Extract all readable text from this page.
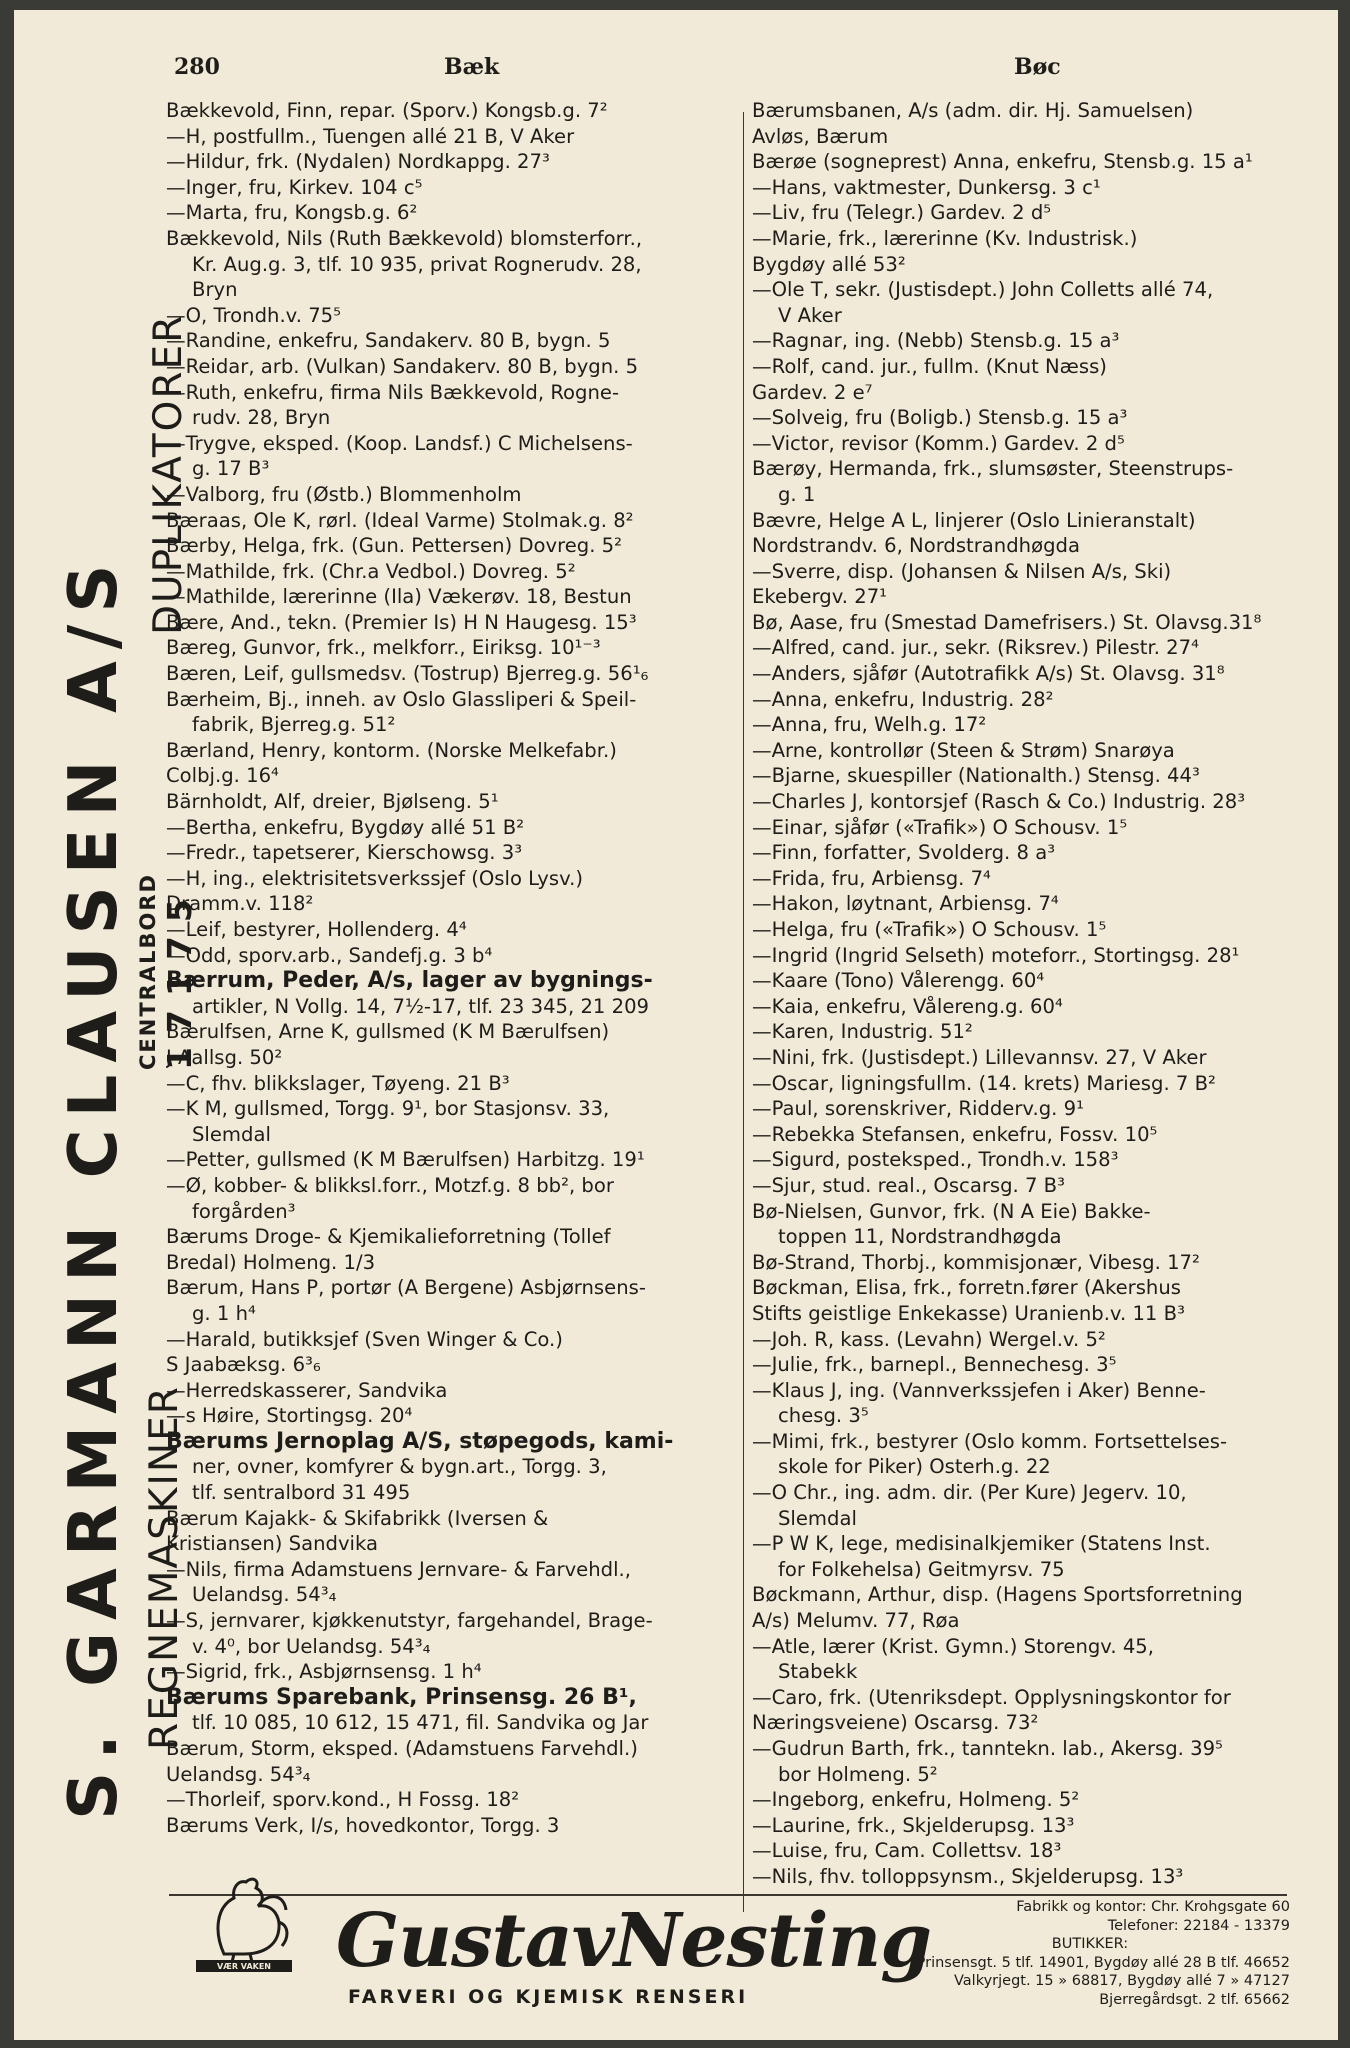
280	Bæk	Bøc
S. GARMANN CLAUSEN A/S REGNEMASKINER
DUPLIKATORER
CENTRALBORD 17175
Bækkevold, Finn, repar. (Sporv.) Kongsb.g. 7²
—H, postfullm., Tuengen allé 21 B, V Aker
—Hildur, frk. (Nydalen) Nordkappg. 27³
—Inger, fru, Kirkev. 104 c⁵
—Marta, fru, Kongsb.g. 6²
Bækkevold, Nils (Ruth Bækkevold) blomsterforr.,
Kr. Aug.g. 3, tlf. 10 935, privat Rognerudv. 28,
Bryn
—O, Trondh.v. 75⁵
—Randine, enkefru, Sandakerv. 80 B, bygn. 5
—Reidar, arb. (Vulkan) Sandakerv. 80 B, bygn. 5
—Ruth, enkefru, firma Nils Bækkevold, Rogne-
rudv. 28, Bryn
—Trygve, eksped. (Koop. Landsf.) C Michelsens-
g. 17 B³
—Valborg, fru (Østb.) Blommenholm
Bæraas, Ole K, rørl. (Ideal Varme) Stolmak.g. 8²
Bærby, Helga, frk. (Gun. Pettersen) Dovreg. 5²
—Mathilde, frk. (Chr.a Vedbol.) Dovreg. 5²
—Mathilde, lærerinne (Ila) Vækerøv. 18, Bestun
Bære, And., tekn. (Premier Is) H N Haugesg. 15³
Bæreg, Gunvor, frk., melkforr., Eiriksg. 10¹⁻³
Bæren, Leif, gullsmedsv. (Tostrup) Bjerreg.g. 56¹₆
Bærheim, Bj., inneh. av Oslo Glassliperi & Speil-
fabrik, Bjerreg.g. 51²
Bærland, Henry, kontorm. (Norske Melkefabr.)
Colbj.g. 16⁴
Bärnholdt, Alf, dreier, Bjølseng. 5¹
—Bertha, enkefru, Bygdøy allé 51 B²
—Fredr., tapetserer, Kierschowsg. 3³
—H, ing., elektrisitetsverkssjef (Oslo Lysv.)
Dramm.v. 118²
—Leif, bestyrer, Hollenderg. 4⁴
—Odd, sporv.arb., Sandefj.g. 3 b⁴
Bærrum, Peder, A/s, lager av bygnings-
artikler, N Vollg. 14, 7½-17, tlf. 23 345, 21 209
Bærulfsen, Arne K, gullsmed (K M Bærulfsen)
J Aallsg. 50²
—C, fhv. blikkslager, Tøyeng. 21 B³
—K M, gullsmed, Torgg. 9¹, bor Stasjonsv. 33,
Slemdal
—Petter, gullsmed (K M Bærulfsen) Harbitzg. 19¹
—Ø, kobber- & blikksl.forr., Motzf.g. 8 bb², bor
forgården³
Bærums Droge- & Kjemikalieforretning (Tollef
Bredal) Holmeng. 1/3
Bærum, Hans P, portør (A Bergene) Asbjørnsens-
g. 1 h⁴
—Harald, butikksjef (Sven Winger & Co.)
S Jaabæksg. 6³₆
—Herredskasserer, Sandvika
—s Høire, Stortingsg. 20⁴
Bærums Jernoplag A/S, støpegods, kami-
ner, ovner, komfyrer & bygn.art., Torgg. 3,
tlf. sentralbord 31 495
Bærum Kajakk- & Skifabrikk (Iversen &
Kristiansen) Sandvika
—Nils, firma Adamstuens Jernvare- & Farvehdl.,
Uelandsg. 54³₄
—S, jernvarer, kjøkkenutstyr, fargehandel, Brage-
v. 4⁰, bor Uelandsg. 54³₄
—Sigrid, frk., Asbjørnsensg. 1 h⁴
Bærums Sparebank, Prinsensg. 26 B¹,
tlf. 10 085, 10 612, 15 471, fil. Sandvika og Jar
Bærum, Storm, eksped. (Adamstuens Farvehdl.)
Uelandsg. 54³₄
—Thorleif, sporv.kond., H Fossg. 18²
Bærums Verk, I/s, hovedkontor, Torgg. 3
Bærumsbanen, A/s (adm. dir. Hj. Samuelsen)
Avløs, Bærum
Bærøe (sogneprest) Anna, enkefru, Stensb.g. 15 a¹
—Hans, vaktmester, Dunkersg. 3 c¹
—Liv, fru (Telegr.) Gardev. 2 d⁵
—Marie, frk., lærerinne (Kv. Industrisk.)
Bygdøy allé 53²
—Ole T, sekr. (Justisdept.) John Colletts allé 74,
V Aker
—Ragnar, ing. (Nebb) Stensb.g. 15 a³
—Rolf, cand. jur., fullm. (Knut Næss)
Gardev. 2 e⁷
—Solveig, fru (Boligb.) Stensb.g. 15 a³
—Victor, revisor (Komm.) Gardev. 2 d⁵
Bærøy, Hermanda, frk., slumsøster, Steenstrups-
g. 1
Bævre, Helge A L, linjerer (Oslo Linieranstalt)
Nordstrandv. 6, Nordstrandhøgda
—Sverre, disp. (Johansen & Nilsen A/s, Ski)
Ekebergv. 27¹
Bø, Aase, fru (Smestad Damefrisers.) St. Olavsg.31⁸
—Alfred, cand. jur., sekr. (Riksrev.) Pilestr. 27⁴
—Anders, sjåfør (Autotrafikk A/s) St. Olavsg. 31⁸
—Anna, enkefru, Industrig. 28²
—Anna, fru, Welh.g. 17²
—Arne, kontrollør (Steen & Strøm) Snarøya
—Bjarne, skuespiller (Nationalth.) Stensg. 44³
—Charles J, kontorsjef (Rasch & Co.) Industrig. 28³
—Einar, sjåfør («Trafik») O Schousv. 1⁵
—Finn, forfatter, Svolderg. 8 a³
—Frida, fru, Arbiensg. 7⁴
—Hakon, løytnant, Arbiensg. 7⁴
—Helga, fru («Trafik») O Schousv. 1⁵
—Ingrid (Ingrid Selseth) moteforr., Stortingsg. 28¹
—Kaare (Tono) Vålerengg. 60⁴
—Kaia, enkefru, Vålereng.g. 60⁴
—Karen, Industrig. 51²
—Nini, frk. (Justisdept.) Lillevannsv. 27, V Aker
—Oscar, ligningsfullm. (14. krets) Mariesg. 7 B²
—Paul, sorenskriver, Ridderv.g. 9¹
—Rebekka Stefansen, enkefru, Fossv. 10⁵
—Sigurd, posteksped., Trondh.v. 158³
—Sjur, stud. real., Oscarsg. 7 B³
Bø-Nielsen, Gunvor, frk. (N A Eie) Bakke-
toppen 11, Nordstrandhøgda
Bø-Strand, Thorbj., kommisjonær, Vibesg. 17²
Bøckman, Elisa, frk., forretn.fører (Akershus
Stifts geistlige Enkekasse) Uranienb.v. 11 B³
—Joh. R, kass. (Levahn) Wergel.v. 5²
—Julie, frk., barnepl., Bennechesg. 3⁵
—Klaus J, ing. (Vannverkssjefen i Aker) Benne-
chesg. 3⁵
—Mimi, frk., bestyrer (Oslo komm. Fortsettelses-
skole for Piker) Osterh.g. 22
—O Chr., ing. adm. dir. (Per Kure) Jegerv. 10,
Slemdal
—P W K, lege, medisinalkjemiker (Statens Inst.
for Folkehelsa) Geitmyrsv. 75
Bøckmann, Arthur, disp. (Hagens Sportsforretning
A/s) Melumv. 77, Røa
—Atle, lærer (Krist. Gymn.) Storengv. 45,
Stabekk
—Caro, frk. (Utenriksdept. Opplysningskontor for
Næringsveiene) Oscarsg. 73²
—Gudrun Barth, frk., tanntekn. lab., Akersg. 39⁵
bor Holmeng. 5²
—Ingeborg, enkefru, Holmeng. 5²
—Laurine, frk., Skjelderupsg. 13³
—Luise, fru, Cam. Collettsv. 18³
—Nils, fhv. tolloppsynsm., Skjelderupsg. 13³
VÆR VAKEN GustavNesting
FARVERI OG KJEMISK RENSERI
Fabrikk og kontor: Chr. Krohgsgate 60
Telefoner: 22184 - 13379
BUTIKKER:
Prinsensgt. 5 tlf. 14901, Bygdøy allé 28 B tlf. 46652
Valkyrjegt. 15 » 68817, Bygdøy allé 7 » 47127
Bjerregårdsgt. 2 tlf. 65662
